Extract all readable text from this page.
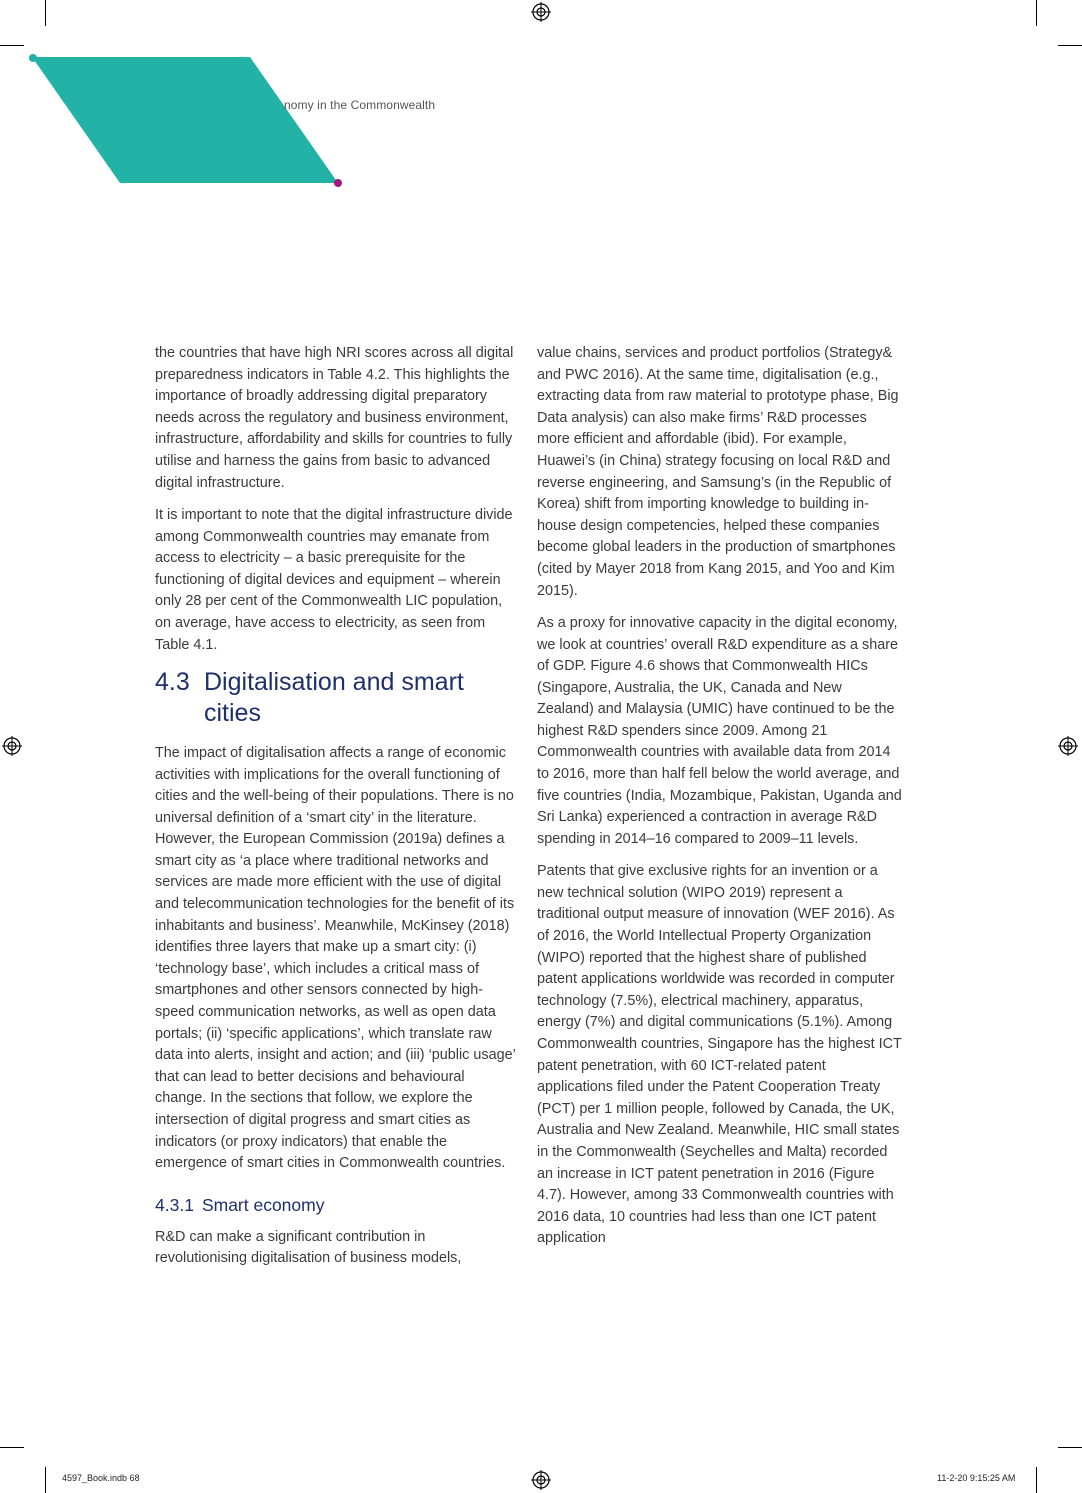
nomy in the Commonwealth

the countries that have high NRI scores across all digital preparedness indicators in Table 4.2. This highlights the importance of broadly addressing digital preparatory needs across the regulatory and business environment, infrastructure, affordability and skills for countries to fully utilise and harness the gains from basic to advanced digital infrastructure.

It is important to note that the digital infrastructure divide among Commonwealth countries may emanate from access to electricity – a basic prerequisite for the functioning of digital devices and equipment – wherein only 28 per cent of the Commonwealth LIC population, on average, have access to electricity, as seen from Table 4.1.

4.3 Digitalisation and smart cities

The impact of digitalisation affects a range of economic activities with implications for the overall functioning of cities and the well-being of their populations. There is no universal definition of a ‘smart city’ in the literature. However, the European Commission (2019a) defines a smart city as ‘a place where traditional networks and services are made more efficient with the use of digital and telecommunication technologies for the benefit of its inhabitants and business’. Meanwhile, McKinsey (2018) identifies three layers that make up a smart city: (i) ‘technology base’, which includes a critical mass of smartphones and other sensors connected by high-speed communication networks, as well as open data portals; (ii) ‘specific applications’, which translate raw data into alerts, insight and action; and (iii) ‘public usage’ that can lead to better decisions and behavioural change. In the sections that follow, we explore the intersection of digital progress and smart cities as indicators (or proxy indicators) that enable the emergence of smart cities in Commonwealth countries.

4.3.1 Smart economy

R&D can make a significant contribution in revolutionising digitalisation of business models,

value chains, services and product portfolios (Strategy& and PWC 2016). At the same time, digitalisation (e.g., extracting data from raw material to prototype phase, Big Data analysis) can also make firms’ R&D processes more efficient and affordable (ibid). For example, Huawei’s (in China) strategy focusing on local R&D and reverse engineering, and Samsung’s (in the Republic of Korea) shift from importing knowledge to building in-house design competencies, helped these companies become global leaders in the production of smartphones (cited by Mayer 2018 from Kang 2015, and Yoo and Kim 2015).

As a proxy for innovative capacity in the digital economy, we look at countries’ overall R&D expenditure as a share of GDP. Figure 4.6 shows that Commonwealth HICs (Singapore, Australia, the UK, Canada and New Zealand) and Malaysia (UMIC) have continued to be the highest R&D spenders since 2009. Among 21 Commonwealth countries with available data from 2014 to 2016, more than half fell below the world average, and five countries (India, Mozambique, Pakistan, Uganda and Sri Lanka) experienced a contraction in average R&D spending in 2014–16 compared to 2009–11 levels.

Patents that give exclusive rights for an invention or a new technical solution (WIPO 2019) represent a traditional output measure of innovation (WEF 2016). As of 2016, the World Intellectual Property Organization (WIPO) reported that the highest share of published patent applications worldwide was recorded in computer technology (7.5%), electrical machinery, apparatus, energy (7%) and digital communications (5.1%). Among Commonwealth countries, Singapore has the highest ICT patent penetration, with 60 ICT-related patent applications filed under the Patent Cooperation Treaty (PCT) per 1 million people, followed by Canada, the UK, Australia and New Zealand. Meanwhile, HIC small states in the Commonwealth (Seychelles and Malta) recorded an increase in ICT patent penetration in 2016 (Figure 4.7). However, among 33 Commonwealth countries with 2016 data, 10 countries had less than one ICT patent application

4597_Book.indb 68	11-2-20 9:15:25 AM
